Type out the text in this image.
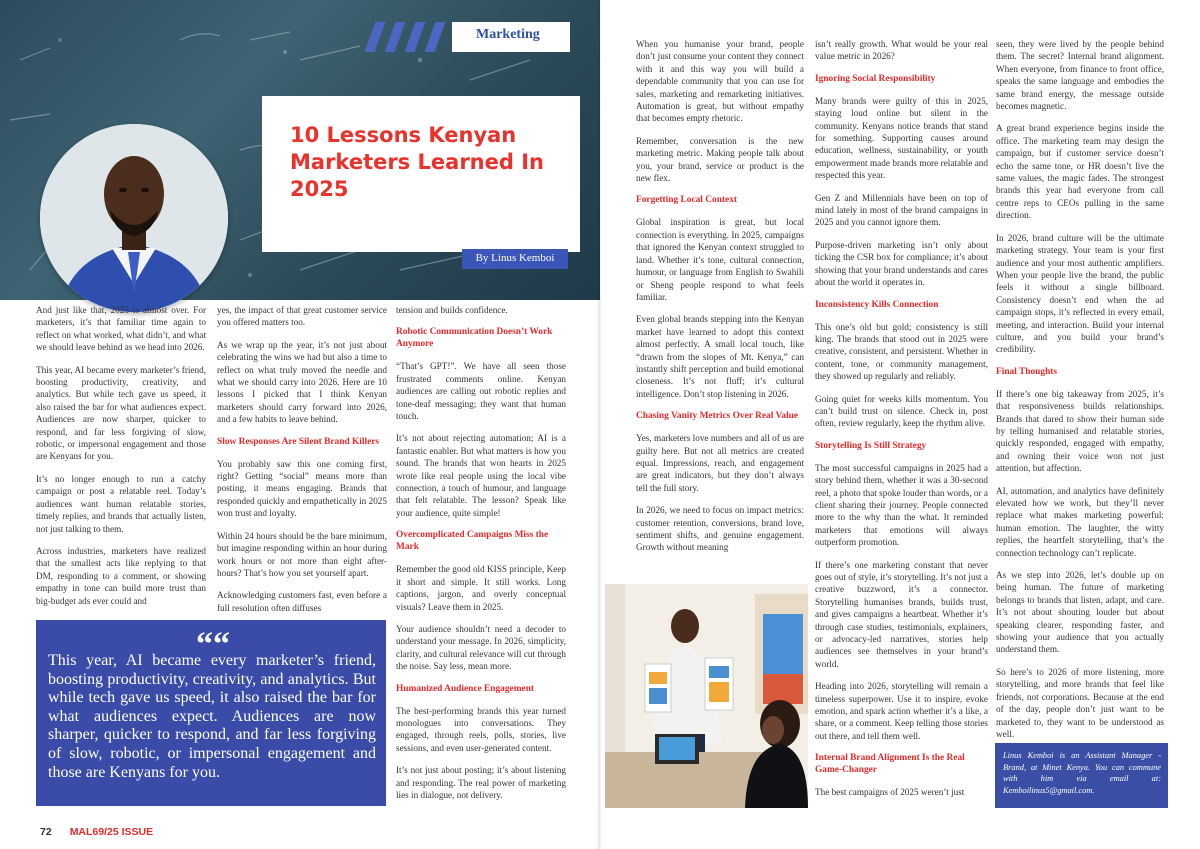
Marketing
10 Lessons Kenyan Marketers Learned In 2025
By Linus Kemboi

And just like that, 2025 is almost over. For marketers, it’s that familiar time again to reflect on what worked, what didn’t, and what we should leave behind as we head into 2026.

This year, AI became every marketer’s friend, boosting productivity, creativity, and analytics. But while tech gave us speed, it also raised the bar for what audiences expect. Audiences are now sharper, quicker to respond, and far less forgiving of slow, robotic, or impersonal engagement and those are Kenyans for you.

It’s no longer enough to run a catchy campaign or post a relatable reel. Today’s audiences want human relatable stories, timely replies, and brands that actually listen, not just talking to them.

Across industries, marketers have realized that the smallest acts like replying to that DM, responding to a comment, or showing empathy in tone can build more trust than big-budget ads ever could and

yes, the impact of that great customer service you offered matters too.

As we wrap up the year, it’s not just about celebrating the wins we had but also a time to reflect on what truly moved the needle and what we should carry into 2026. Here are 10 lessons I picked that I think Kenyan marketers should carry forward into 2026, and a few habits to leave behind.

Slow Responses Are Silent Brand Killers

You probably saw this one coming first, right? Getting “social” means more than posting, it means engaging. Brands that responded quickly and empathetically in 2025 won trust and loyalty.

Within 24 hours should be the bare minimum, but imagine responding within an hour during work hours or not more than eight after-hours? That’s how you set yourself apart.

Acknowledging customers fast, even before a full resolution often diffuses

tension and builds confidence.

Robotic Communication Doesn’t Work Anymore

“That’s GPT!”. We have all seen those frustrated comments online. Kenyan audiences are calling out robotic replies and tone-deaf messaging; they want that human touch.

It’s not about rejecting automation; AI is a fantastic enabler. But what matters is how you sound. The brands that won hearts in 2025 wrote like real people using the local vibe connection, a touch of humour, and language that felt relatable. The lesson? Speak like your audience, quite simple!

Overcomplicated Campaigns Miss the Mark

Remember the good old KISS principle, Keep it short and simple. It still works. Long captions, jargon, and overly conceptual visuals? Leave them in 2025.

Your audience shouldn’t need a decoder to understand your message. In 2026, simplicity, clarity, and cultural relevance will cut through the noise. Say less, mean more.

Humanized Audience Engagement

The best-performing brands this year turned monologues into conversations. They engaged, through reels, polls, stories, live sessions, and even user-generated content.

It’s not just about posting; it’s about listening and responding. The real power of marketing lies in dialogue, not delivery.

““
This year, AI became every marketer’s friend, boosting productivity, creativity, and analytics. But while tech gave us speed, it also raised the bar for what audiences expect. Audiences are now sharper, quicker to respond, and far less forgiving of slow, robotic, or impersonal engagement and those are Kenyans for you.

When you humanise your brand, people don’t just consume your content they connect with it and this way you will build a dependable community that you can use for sales, marketing and remarketing initiatives. Automation is great, but without empathy that becomes empty rhetoric.

Remember, conversation is the new marketing metric. Making people talk about you, your brand, service or product is the new flex.

Forgetting Local Context

Global inspiration is great, but local connection is everything. In 2025, campaigns that ignored the Kenyan context struggled to land. Whether it’s tone, cultural connection, humour, or language from English to Swahili or Sheng people respond to what feels familiar.

Even global brands stepping into the Kenyan market have learned to adopt this context almost perfectly. A small local touch, like “drawn from the slopes of Mt. Kenya,” can instantly shift perception and build emotional closeness. It’s not fluff; it’s cultural intelligence. Don’t stop listening in 2026.

Chasing Vanity Metrics Over Real Value

Yes, marketers love numbers and all of us are guilty here. But not all metrics are created equal. Impressions, reach, and engagement are great indicators, but they don’t always tell the full story.

In 2026, we need to focus on impact metrics: customer retention, conversions, brand love, sentiment shifts, and genuine engagement. Growth without meaning

isn’t really growth. What would be your real value metric in 2026?

Ignoring Social Responsibility

Many brands were guilty of this in 2025, staying loud online but silent in the community. Kenyans notice brands that stand for something. Supporting causes around education, wellness, sustainability, or youth empowerment made brands more relatable and respected this year.

Gen Z and Millennials have been on top of mind lately in most of the brand campaigns in 2025 and you cannot ignore them.

Purpose-driven marketing isn’t only about ticking the CSR box for compliance; it’s about showing that your brand understands and cares about the world it operates in.

Inconsistency Kills Connection

This one’s old but gold; consistency is still king. The brands that stood out in 2025 were creative, consistent, and persistent. Whether in content, tone, or community management, they showed up regularly and reliably.

Going quiet for weeks kills momentum. You can’t build trust on silence. Check in, post often, review regularly, keep the rhythm alive.

Storytelling Is Still Strategy

The most successful campaigns in 2025 had a story behind them, whether it was a 30-second reel, a photo that spoke louder than words, or a client sharing their journey. People connected more to the why than the what. It reminded marketers that emotions will always outperform promotion.

If there’s one marketing constant that never goes out of style, it’s storytelling. It’s not just a creative buzzword, it’s a connector. Storytelling humanises brands, builds trust, and gives campaigns a heartbeat. Whether it’s through case studies, testimonials, explainers, or advocacy-led narratives, stories help audiences see themselves in your brand’s world.

Heading into 2026, storytelling will remain a timeless superpower. Use it to inspire, evoke emotion, and spark action whether it’s a like, a share, or a comment. Keep telling those stories out there, and tell them well.

Internal Brand Alignment Is the Real Game-Changer

The best campaigns of 2025 weren’t just

seen, they were lived by the people behind them. The secret? Internal brand alignment. When everyone, from finance to front office, speaks the same language and embodies the same brand energy, the message outside becomes magnetic.

A great brand experience begins inside the office. The marketing team may design the campaign, but if customer service doesn’t echo the same tone, or HR doesn’t live the same values, the magic fades. The strongest brands this year had everyone from call centre reps to CEOs pulling in the same direction.

In 2026, brand culture will be the ultimate marketing strategy. Your team is your first audience and your most authentic amplifiers. When your people live the brand, the public feels it without a single billboard. Consistency doesn’t end when the ad campaign stops, it’s reflected in every email, meeting, and interaction. Build your internal culture, and you build your brand’s credibility.

Final Thoughts

If there’s one big takeaway from 2025, it’s that responsiveness builds relationships. Brands that dared to show their human side by telling humanised and relatable stories, quickly responded, engaged with empathy, and owning their voice won not just attention, but affection.

AI, automation, and analytics have definitely elevated how we work, but they’ll never replace what makes marketing powerful: human emotion. The laughter, the witty replies, the heartfelt storytelling, that’s the connection technology can’t replicate.

As we step into 2026, let’s double up on being human. The future of marketing belongs to brands that listen, adapt, and care. It’s not about shouting louder but about speaking clearer, responding faster, and showing your audience that you actually understand them.

So here’s to 2026 of more listening, more storytelling, and more brands that feel like friends, not corporations. Because at the end of the day, people don’t just want to be marketed to, they want to be understood as well.

Linus Kemboi is an Assistant Manager - Brand, at Minet Kenya. You can commune with him via email at: Kemboilinus5@gmail.com.

72 MAL69/25 ISSUE
